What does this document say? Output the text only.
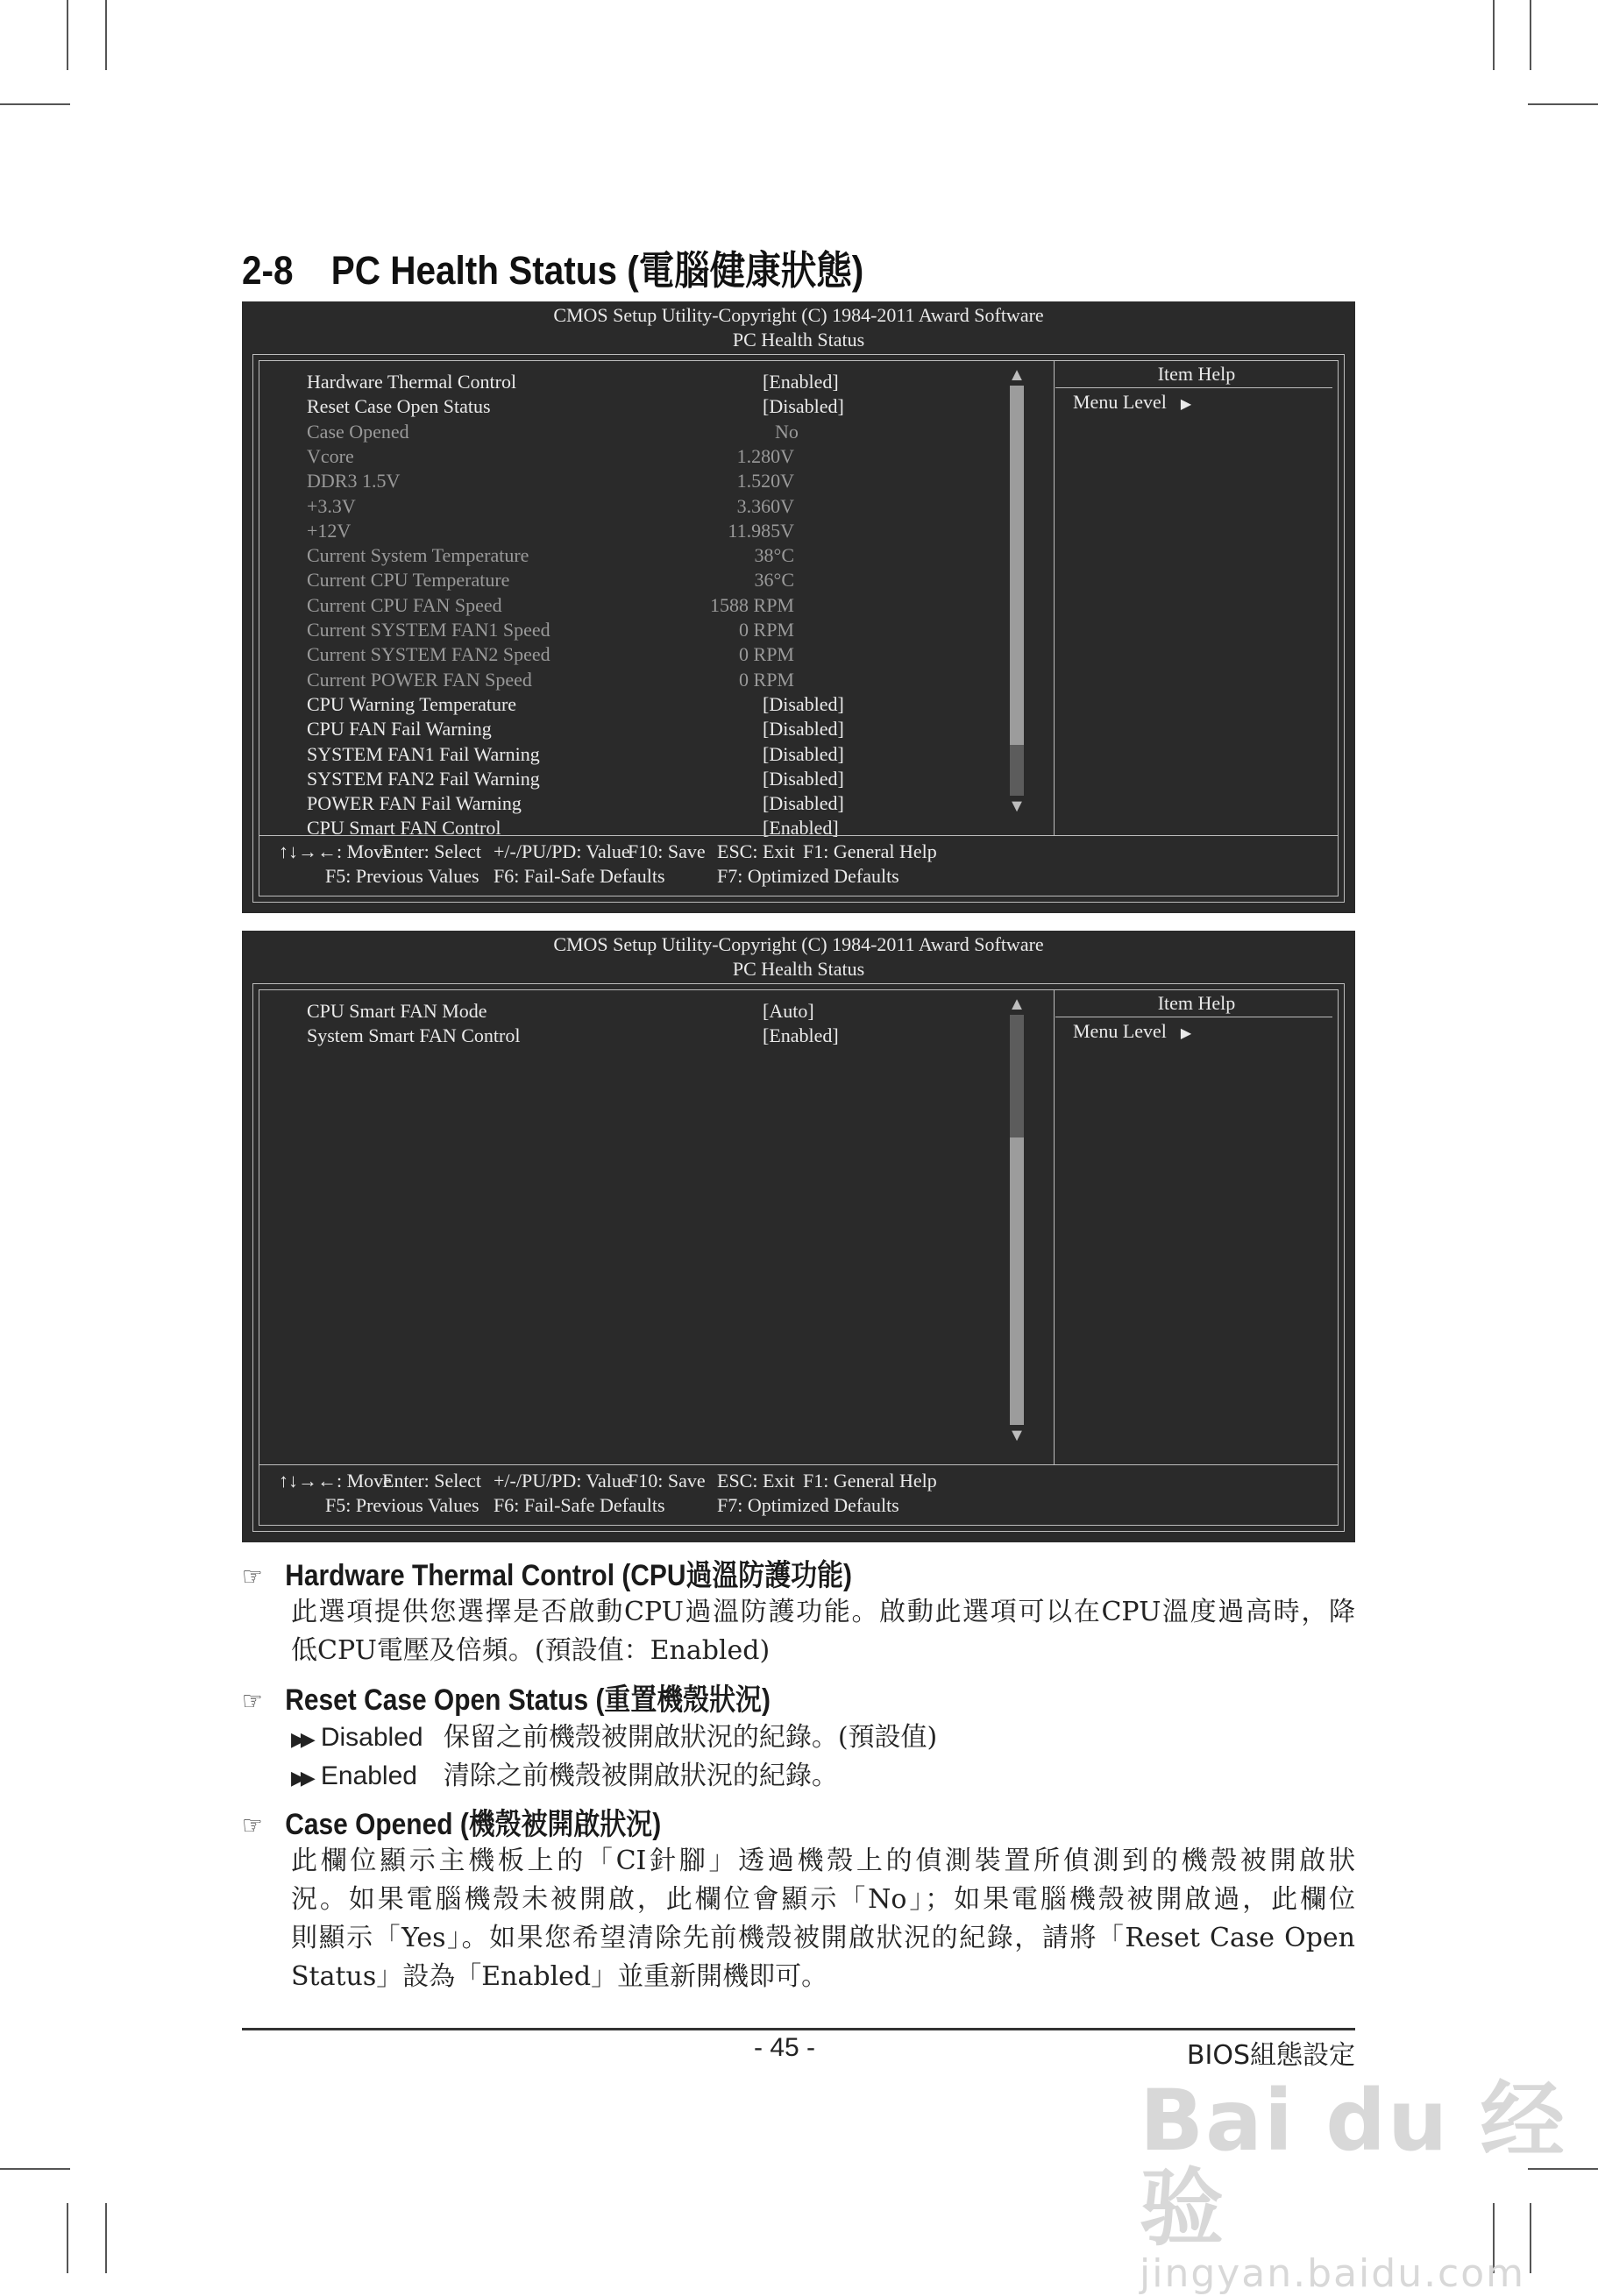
2-8 PC Health Status (電腦健康狀態)
CMOS Setup Utility-Copyright (C) 1984-2011 Award Software
PC Health Status
Hardware Thermal Control	[Enabled]
Reset Case Open Status	[Disabled]
Case Opened	No
Vcore	1.280V
DDR3 1.5V	1.520V
+3.3V	3.360V
+12V	11.985V
Current System Temperature	38°C
Current CPU Temperature	36°C
Current CPU FAN Speed	1588 RPM
Current SYSTEM FAN1 Speed	0 RPM
Current SYSTEM FAN2 Speed	0 RPM
Current POWER FAN Speed	0 RPM
CPU Warning Temperature	[Disabled]
CPU FAN Fail Warning	[Disabled]
SYSTEM FAN1 Fail Warning	[Disabled]
SYSTEM FAN2 Fail Warning	[Disabled]
POWER FAN Fail Warning	[Disabled]
CPU Smart FAN Control	[Enabled]
▲
▼
Item Help
Menu Level ▶
↑↓→←: Move
Enter: Select +/-/PU/PD: Value
F10: Save ESC: Exit F1: General Help
F5: Previous Values F6: Fail-Safe Defaults	F7: Optimized Defaults
CMOS Setup Utility-Copyright (C) 1984-2011 Award Software
PC Health Status
CPU Smart FAN Mode	[Auto]
System Smart FAN Control	[Enabled]
▲
▼
Item Help
Menu Level ▶
↑↓→←: Move
Enter: Select +/-/PU/PD: Value
F10: Save ESC: Exit F1: General Help
F5: Previous Values F6: Fail-Safe Defaults	F7: Optimized Defaults
☞ Hardware Thermal Control (CPU過溫防護功能)
此選項提供您選擇是否啟動CPU過溫防護功能。啟動此選項可以在CPU溫度過高時，降
低CPU電壓及倍頻。(預設值：Enabled)
☞ Reset Case Open Status (重置機殼狀況)
▶▶ Disabled 保留之前機殼被開啟狀況的紀錄。(預設值)
▶▶ Enabled 清除之前機殼被開啟狀況的紀錄。
☞ Case Opened (機殼被開啟狀況)
此欄位顯示主機板上的「CI針腳」透過機殼上的偵測裝置所偵測到的機殼被開啟狀
況。如果電腦機殼未被開啟，此欄位會顯示「No」；如果電腦機殼被開啟過，此欄位
則顯示「Yes」。如果您希望清除先前機殼被開啟狀況的紀錄，請將「Reset Case Open
Status」設為「Enabled」並重新開機即可。
- 45 -	BIOS組態設定
Bai du 经验
jingyan.baidu.com
